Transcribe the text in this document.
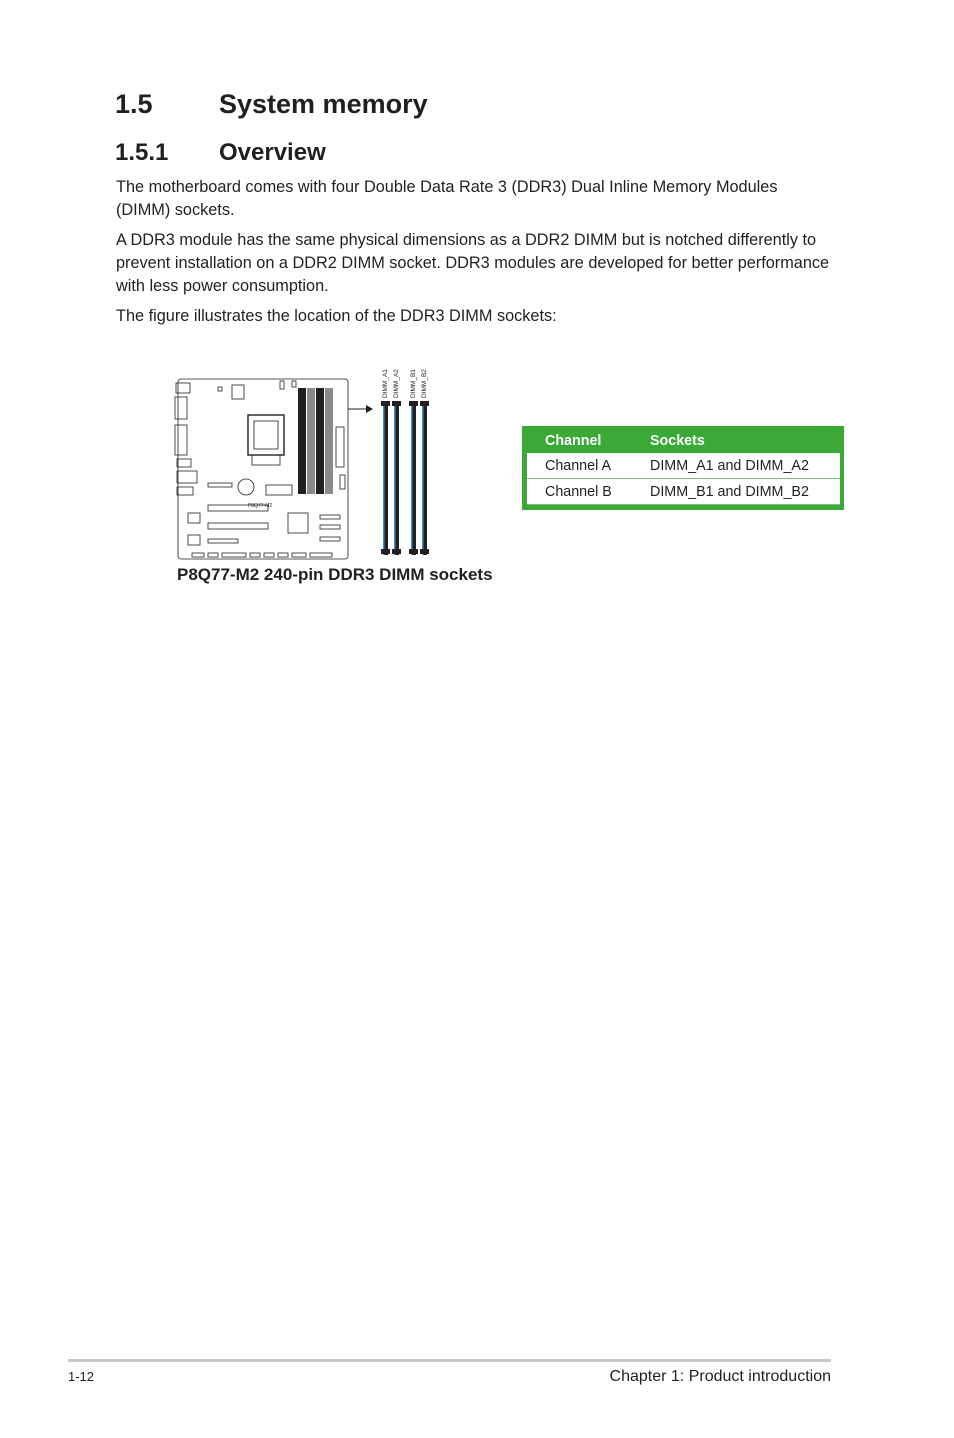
1.5 System memory
1.5.1 Overview

The motherboard comes with four Double Data Rate 3 (DDR3) Dual Inline Memory Modules (DIMM) sockets.

A DDR3 module has the same physical dimensions as a DDR2 DIMM but is notched differently to prevent installation on a DDR2 DIMM socket. DDR3 modules are developed for better performance with less power consumption.

The figure illustrates the location of the DDR3 DIMM sockets:

P8Q77-M2
DIMM_A1 DIMM_A2 DIMM_B1 DIMM_B2

P8Q77-M2 240-pin DDR3 DIMM sockets

Channel	Sockets
Channel A	DIMM_A1 and DIMM_A2
Channel B	DIMM_B1 and DIMM_B2
1-12	Chapter 1: Product introduction
